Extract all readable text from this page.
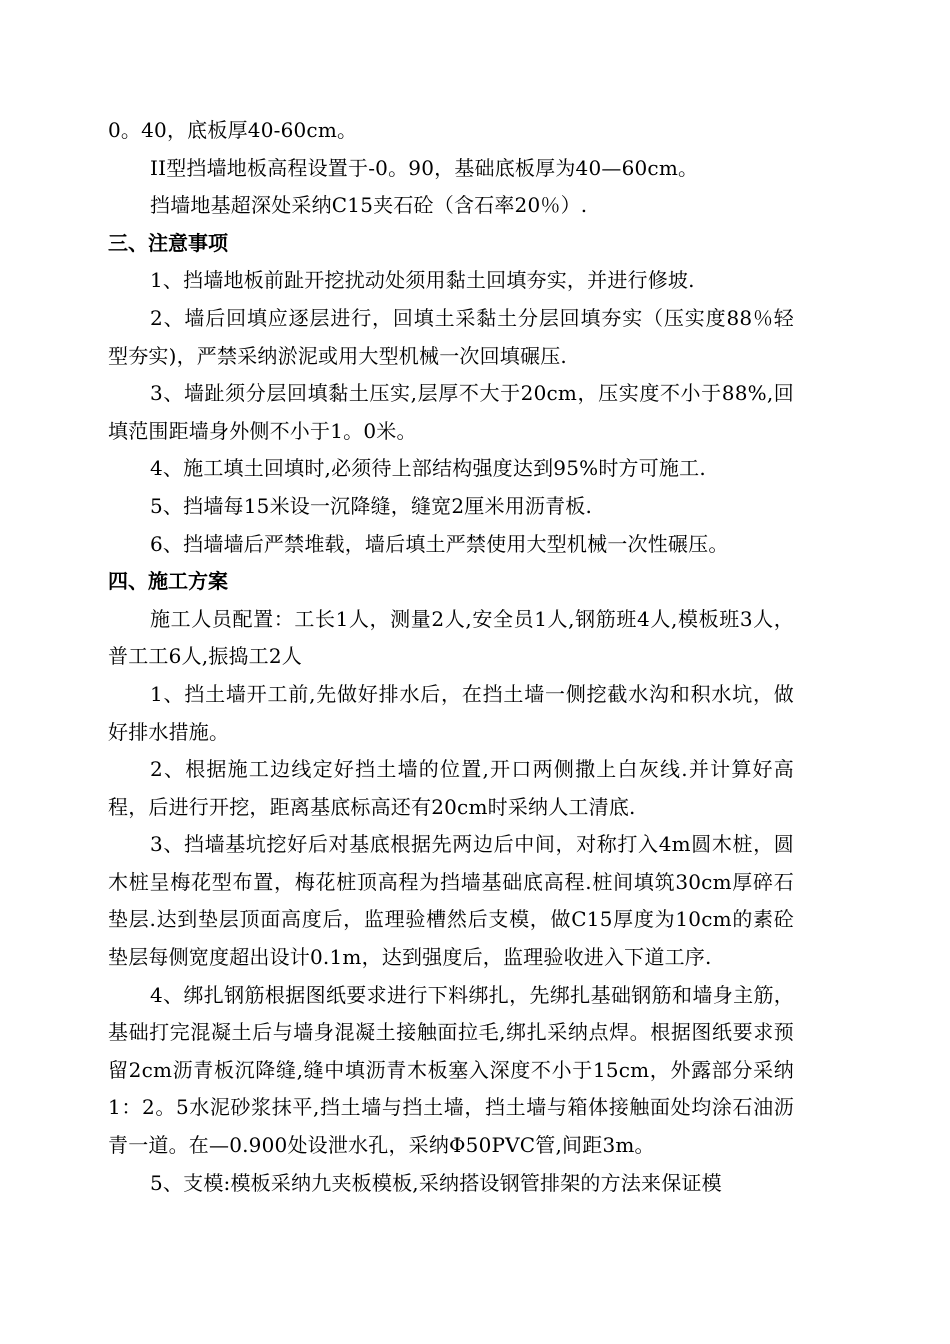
0。40，底板厚40-60cm。

II型挡墙地板高程设置于-0。90，基础底板厚为40—60cm。

挡墙地基超深处采纳C15夹石砼（含石率20％）.

三、注意事项

1、挡墙地板前趾开挖扰动处须用黏土回填夯实，并进行修坡.

2、墙后回填应逐层进行，回填土采黏土分层回填夯实（压实度88％轻型夯实)，严禁采纳淤泥或用大型机械一次回填碾压.

3、墙趾须分层回填黏土压实,层厚不大于20cm，压实度不小于88%,回填范围距墙身外侧不小于1。0米。

4、施工填土回填时,必须待上部结构强度达到95%时方可施工.

5、挡墙每15米设一沉降缝，缝宽2厘米用沥青板.

6、挡墙墙后严禁堆载，墙后填土严禁使用大型机械一次性碾压。

四、施工方案

施工人员配置：工长1人，测量2人,安全员1人,钢筋班4人,模板班3人，普工工6人,振捣工2人

1、挡土墙开工前,先做好排水后，在挡土墙一侧挖截水沟和积水坑，做好排水措施。

2、根据施工边线定好挡土墙的位置,开口两侧撒上白灰线.并计算好高程，后进行开挖，距离基底标高还有20cm时采纳人工清底.

3、挡墙基坑挖好后对基底根据先两边后中间，对称打入4m圆木桩，圆木桩呈梅花型布置，梅花桩顶高程为挡墙基础底高程.桩间填筑30cm厚碎石垫层.达到垫层顶面高度后，监理验槽然后支模，做C15厚度为10cm的素砼垫层每侧宽度超出设计0.1m，达到强度后，监理验收进入下道工序.

4、绑扎钢筋根据图纸要求进行下料绑扎，先绑扎基础钢筋和墙身主筋，基础打完混凝土后与墙身混凝土接触面拉毛,绑扎采纳点焊。根据图纸要求预留2cm沥青板沉降缝,缝中填沥青木板塞入深度不小于15cm，外露部分采纳1：2。5水泥砂浆抹平,挡土墙与挡土墙，挡土墙与箱体接触面处均涂石油沥青一道。在—0.900处设泄水孔，采纳Φ50PVC管,间距3m。

5、支模:模板采纳九夹板模板,采纳搭设钢管排架的方法来保证模
